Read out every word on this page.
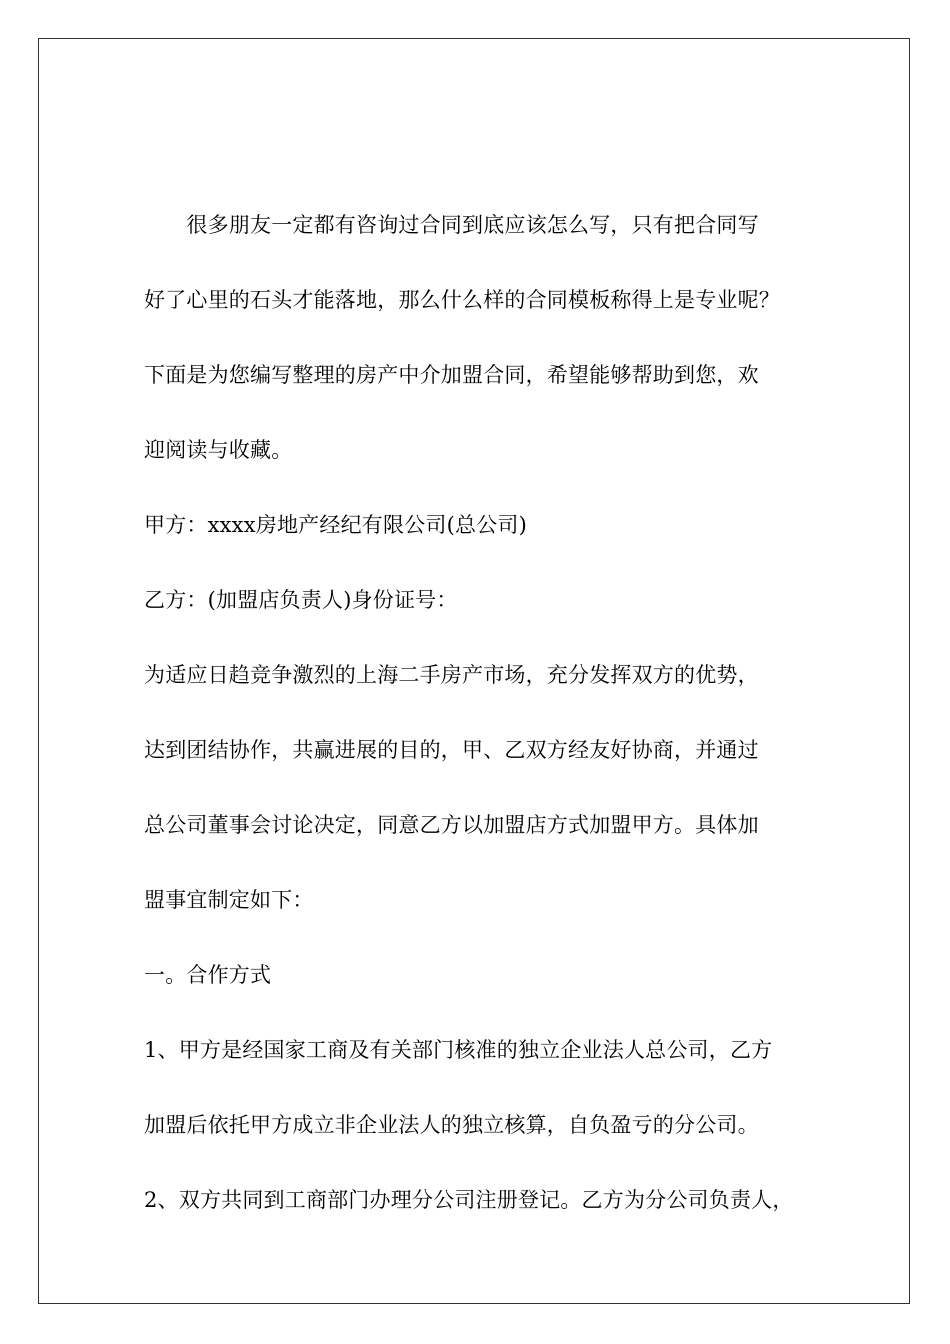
　　很多朋友一定都有咨询过合同到底应该怎么写，只有把合同写
好了心里的石头才能落地，那么什么样的合同模板称得上是专业呢？
下面是为您编写整理的房产中介加盟合同，希望能够帮助到您，欢
迎阅读与收藏。
甲方：xxxx房地产经纪有限公司(总公司)
乙方：(加盟店负责人)身份证号：
为适应日趋竞争激烈的上海二手房产市场，充分发挥双方的优势，
达到团结协作，共赢进展的目的，甲、乙双方经友好协商，并通过
总公司董事会讨论决定，同意乙方以加盟店方式加盟甲方。具体加
盟事宜制定如下：
一。合作方式
1、甲方是经国家工商及有关部门核准的独立企业法人总公司，乙方
加盟后依托甲方成立非企业法人的独立核算，自负盈亏的分公司。
2、双方共同到工商部门办理分公司注册登记。乙方为分公司负责人，
